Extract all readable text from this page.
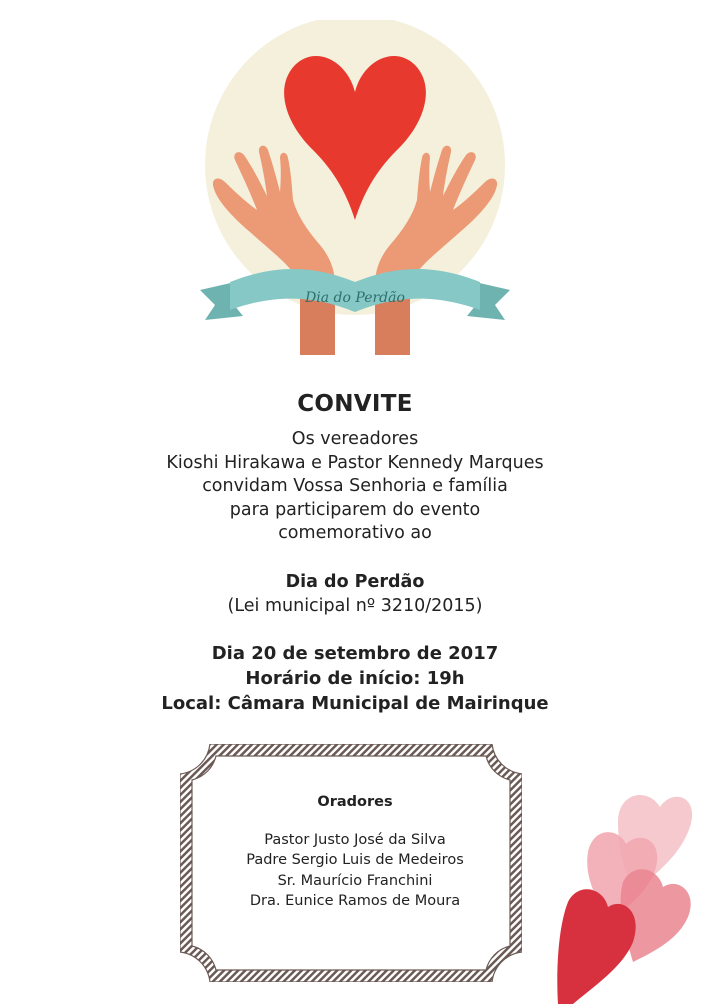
Dia do Perdão
CONVITE
Os vereadores
Kioshi Hirakawa e Pastor Kennedy Marques
convidam Vossa Senhoria e família
para participarem do evento
comemorativo ao
Dia do Perdão
(Lei municipal nº 3210/2015)
Dia 20 de setembro de 2017
Horário de início: 19h
Local: Câmara Municipal de Mairinque
Oradores
Pastor Justo José da Silva
Padre Sergio Luis de Medeiros
Sr. Maurício Franchini
Dra. Eunice Ramos de Moura
